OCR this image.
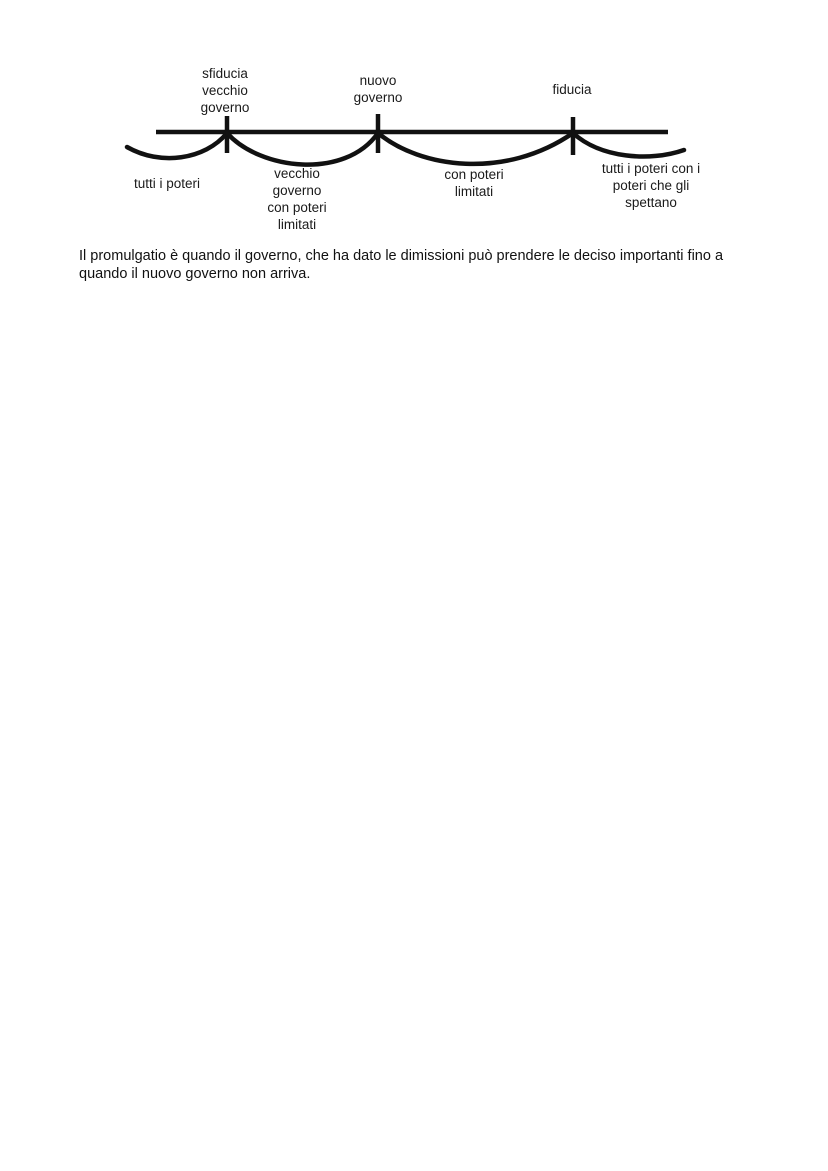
sfiducia
vecchio
governo
nuovo
governo
fiducia
tutti i poteri
vecchio
governo
con poteri
limitati
con poteri
limitati
tutti i poteri con i
poteri che gli
spettano

Il promulgatio è quando il governo, che ha dato le dimissioni può prendere le deciso importanti fino a quando il nuovo governo non arriva.
